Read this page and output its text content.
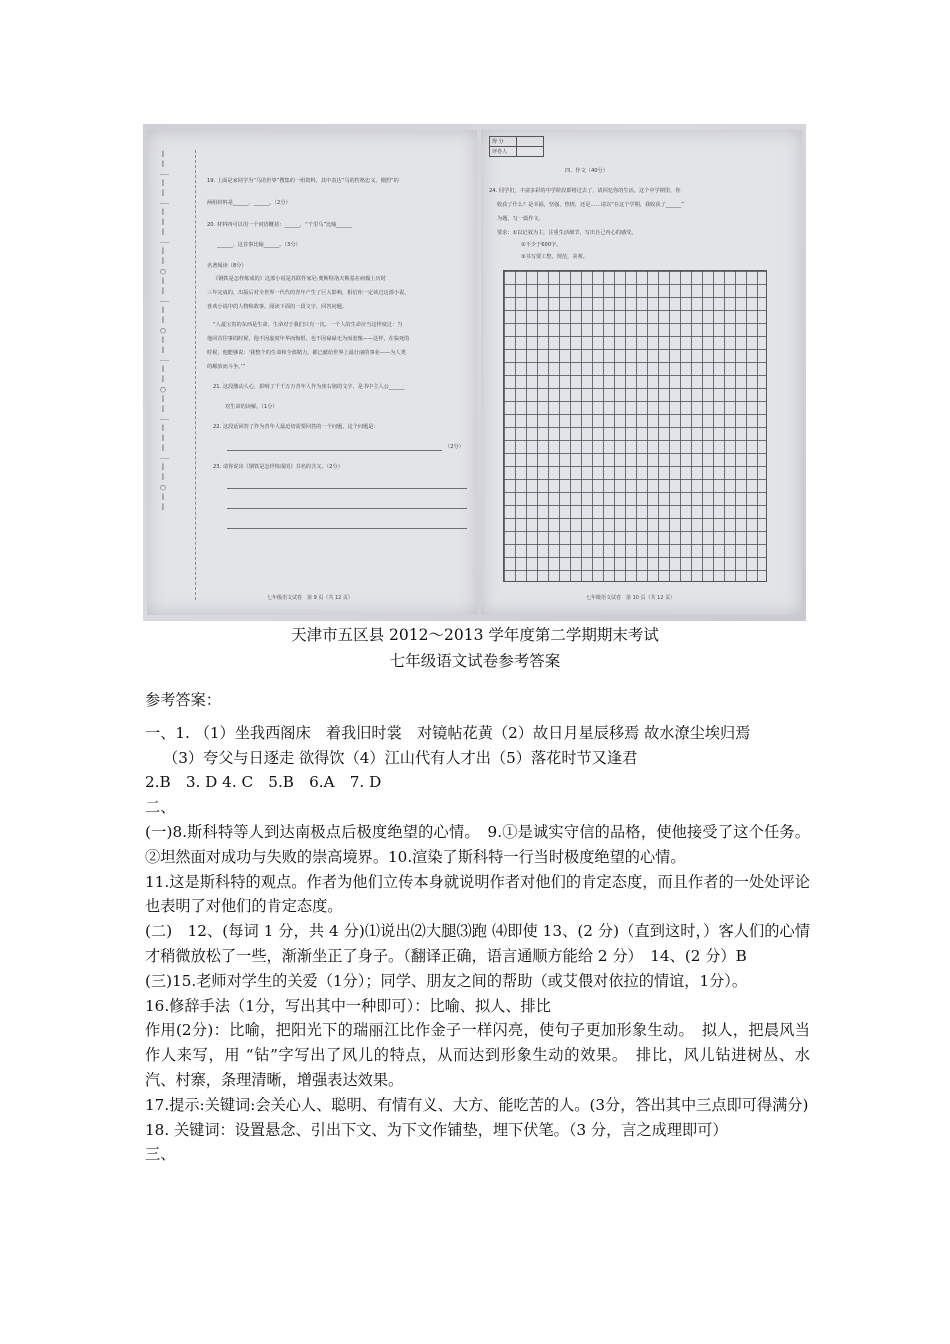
ⅠⅠ｜ⅠⅠ｜ⅠⅠⅠ｜ⅠⅠ○ⅠⅠ｜ⅠⅠ○ⅠⅠ｜ⅠⅠ○ⅠⅠ｜ⅠⅠⅠ｜ⅠⅠ○ⅠⅠ	19. 上面是家同学为“马的世界”搜集的一组资料，其中表达“马的性格忠义、刚烈”的
两组材料是______、______。（2分）
20. 材料四可以用一个词语概括：______，“千里马”比喻______
______，这首事比喻______。（3分）
名著阅读（8分）
《钢铁是怎样炼成的》这部小说是苏联作家尼·奥斯特洛夫斯基在病榻上历时
三年完成的，出版后对全世界一代代的青年产生了巨大影响，相信你一定读过这部小说。
喜欢小说中的人物和故事。阅读下面的一段文字，回答问题。
“人最宝贵的东西是生命，生命对于我们只有一次。一个人的生命应当这样度过：当
他回首往事的时候，他不因虚度年华而悔恨，也不因碌碌无为而羞愧——这样，在临死的
时候，他能够说：‘我整个的生命和全部精力，都已献给世界上最壮丽的事业——为人类
的解放而斗争。’”
21. 这段激动人心，影响了千千万万青年人作为座右铭的文字，是书中主人公______
对生命的读解。（1分）
22. 这段话回答了作为青年人最迫切需要回答的一个问题，这个问题是：
（2分）
23. 请你说出《钢铁是怎样炼成的》书名的含义。（2分）
七年级语文试卷　第 9 页（共 12 页）
得 分	
评卷人	
四、作文（40分）
24. 同学们，丰富多彩的中学阶段即将过去了，请回忆你的生活，这个中学期里，你
收获了什么？是幸福，坚强，热情，还是……请以“在这个学期，我收获了______”
为题，写一篇作文。
要求：①以记叙为主，注重生活细节，写出自己内心的感受。
②不少于600字。
③书写要工整，规范，美观。
七年级语文试卷　第 10 页（共 12 页）
天津市五区县 2012～2013 学年度第二学期期末考试
七年级语文试卷参考答案

参考答案：

一、1. （1）坐我西阁床　着我旧时裳　对镜帖花黄（2）故日月星辰移焉 故水潦尘埃归焉

（3）夸父与日逐走 欲得饮（4）江山代有人才出（5）落花时节又逢君

2.B　3. D 4. C　5.B　6.A　7. D

二、

(一)8.斯科特等人到达南极点后极度绝望的心情。　9.①是诚实守信的品格，使他接受了这个任务。②坦然面对成功与失败的崇高境界。10.渲染了斯科特一行当时极度绝望的心情。

11.这是斯科特的观点。作者为他们立传本身就说明作者对他们的肯定态度，而且作者的一处处评论也表明了对他们的肯定态度。

(二)　12、(每词 1 分，共 4 分)⑴说出⑵大腿⑶跑 ⑷即使 13、(2 分)（直到这时，）客人们的心情才稍微放松了一些，渐渐坐正了身子。（翻译正确，语言通顺方能给 2 分）　14、(2 分）B

(三)15.老师对学生的关爱（1分）；同学、朋友之间的帮助（或艾偎对依拉的情谊，1分）。

16.修辞手法（1分，写出其中一种即可）：比喻、拟人、排比

作用(2分)：比喻，把阳光下的瑞丽江比作金子一样闪亮，使句子更加形象生动。　拟人，把晨风当作人来写，用 “钻”字写出了风儿的特点，从而达到形象生动的效果。　排比，风儿钻进树丛、水汽、村寨，条理清晰，增强表达效果。

17.提示:关键词:会关心人、聪明、有情有义、大方、能吃苦的人。(3分，答出其中三点即可得满分)

18. 关键词：设置悬念、引出下文、为下文作铺垫，埋下伏笔。（3 分，言之成理即可）

三、
